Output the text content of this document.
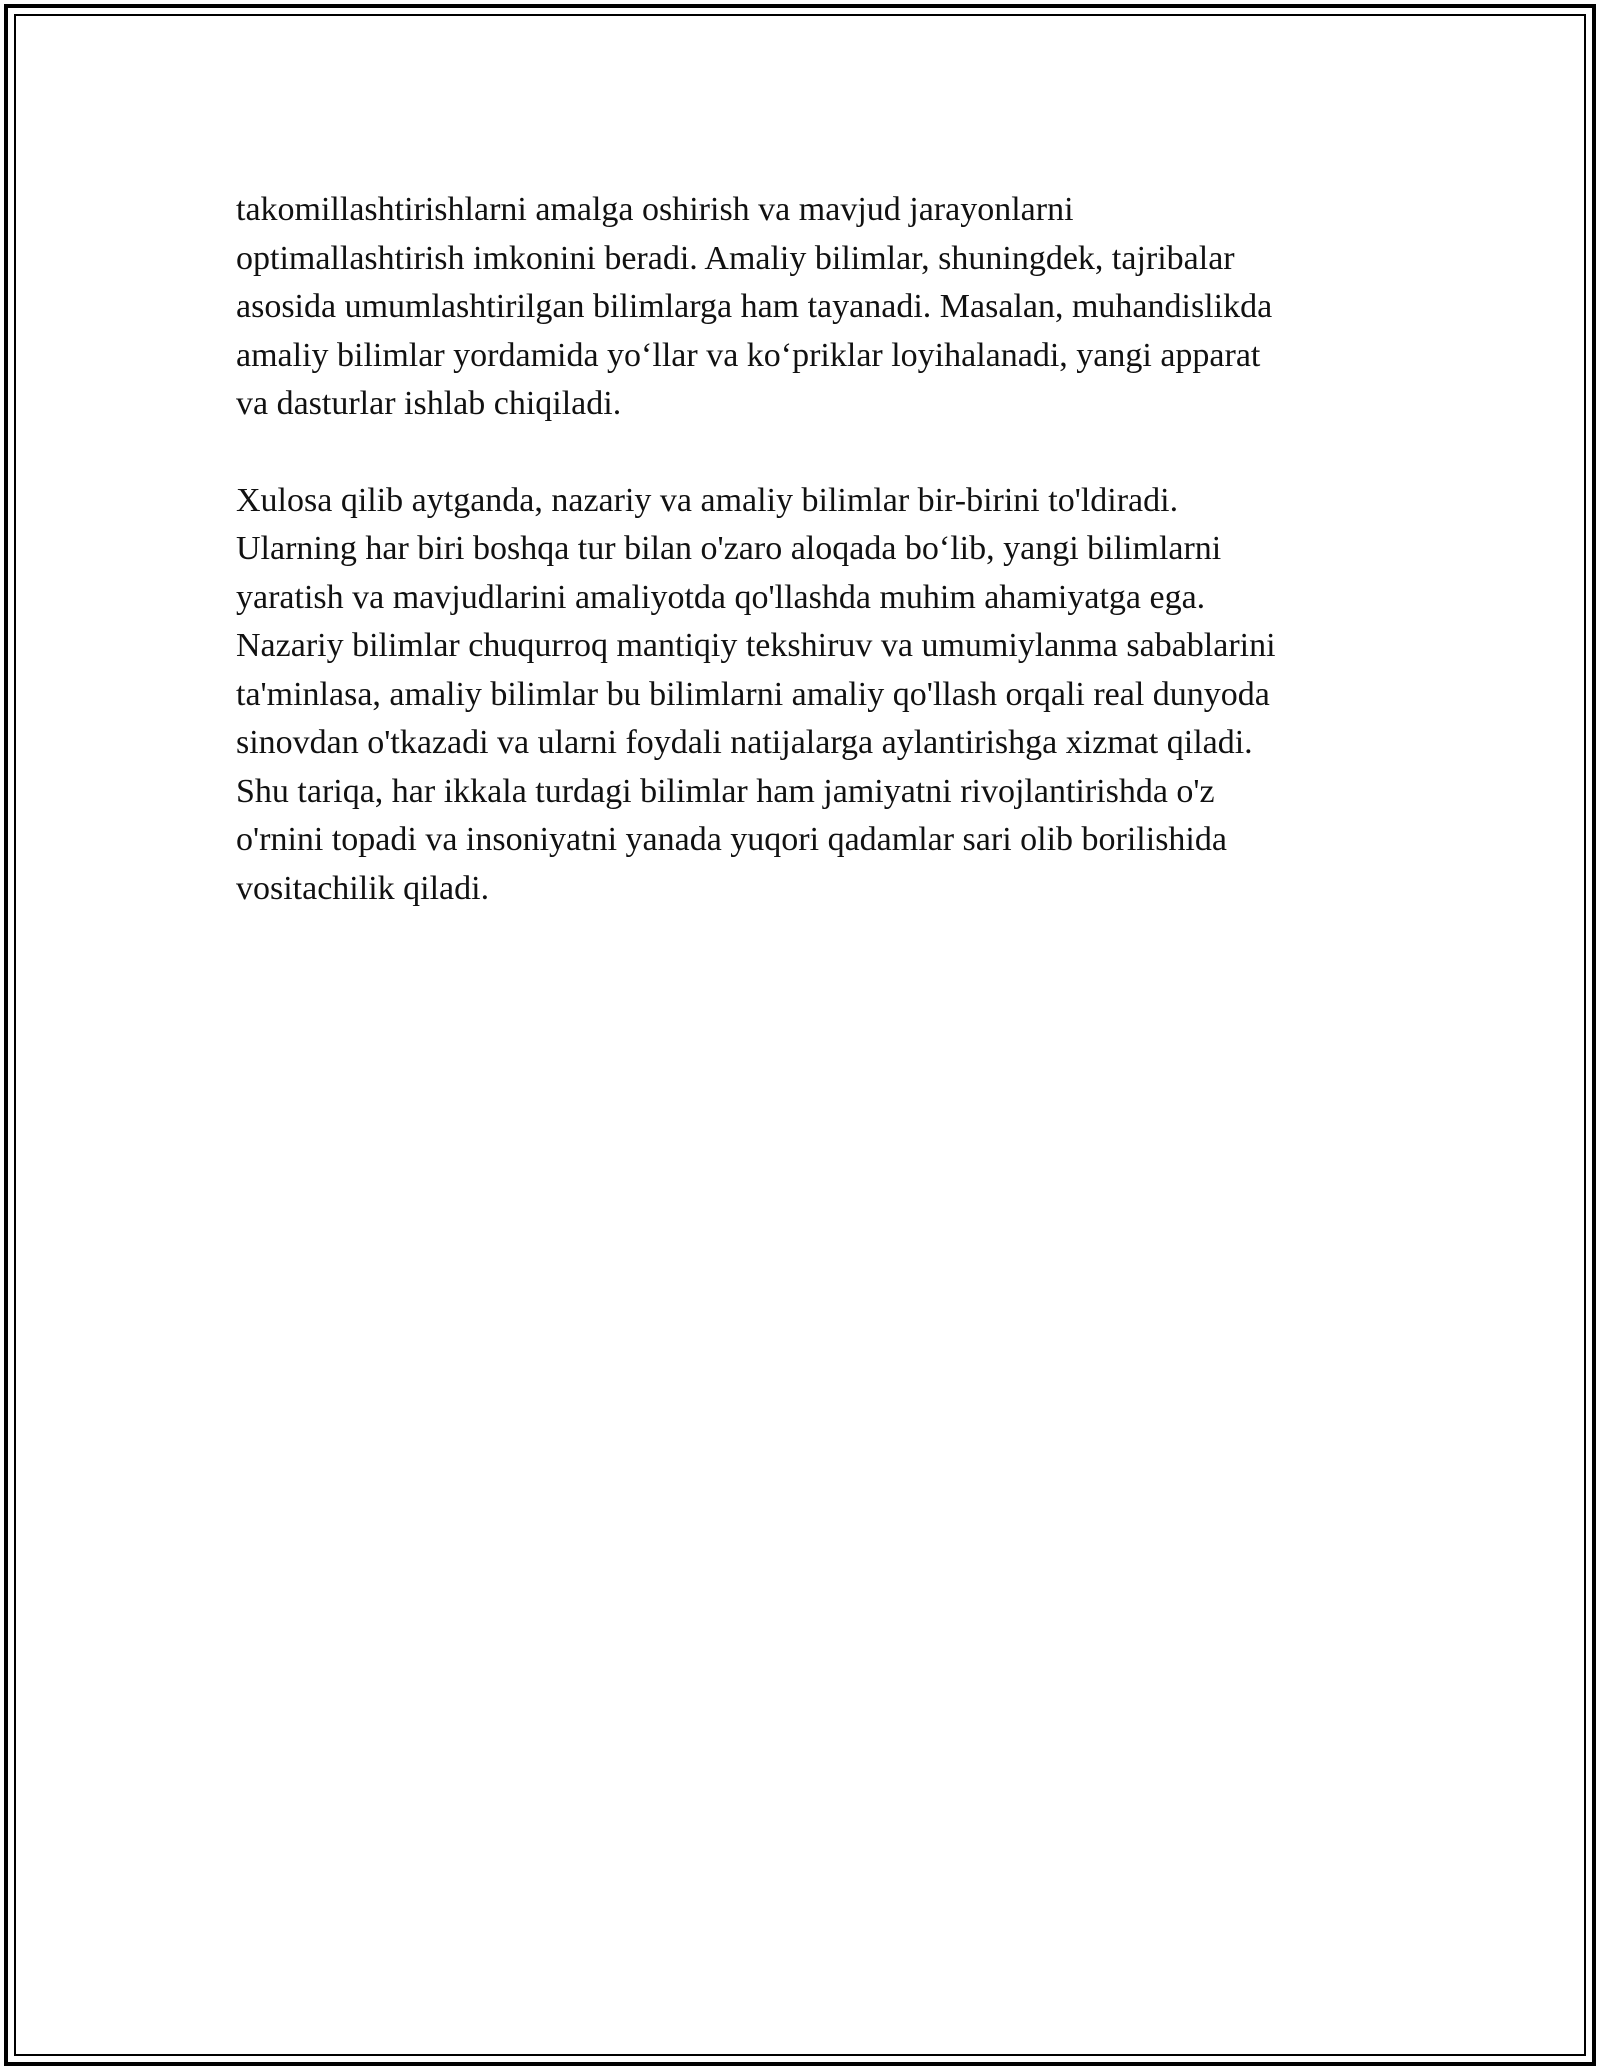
takomillashtirishlarni amalga oshirish va mavjud jarayonlarni
optimallashtirish imkonini beradi. Amaliy bilimlar, shuningdek, tajribalar
asosida umumlashtirilgan bilimlarga ham tayanadi. Masalan, muhandislikda
amaliy bilimlar yordamida yo‘llar va ko‘priklar loyihalanadi, yangi apparat
va dasturlar ishlab chiqiladi.

Xulosa qilib aytganda, nazariy va amaliy bilimlar bir-birini to'ldiradi.
Ularning har biri boshqa tur bilan o'zaro aloqada bo‘lib, yangi bilimlarni
yaratish va mavjudlarini amaliyotda qo'llashda muhim ahamiyatga ega.
Nazariy bilimlar chuqurroq mantiqiy tekshiruv va umumiylanma sabablarini
ta'minlasa, amaliy bilimlar bu bilimlarni amaliy qo'llash orqali real dunyoda
sinovdan o'tkazadi va ularni foydali natijalarga aylantirishga xizmat qiladi.
Shu tariqa, har ikkala turdagi bilimlar ham jamiyatni rivojlantirishda o'z
o'rnini topadi va insoniyatni yanada yuqori qadamlar sari olib borilishida
vositachilik qiladi.
